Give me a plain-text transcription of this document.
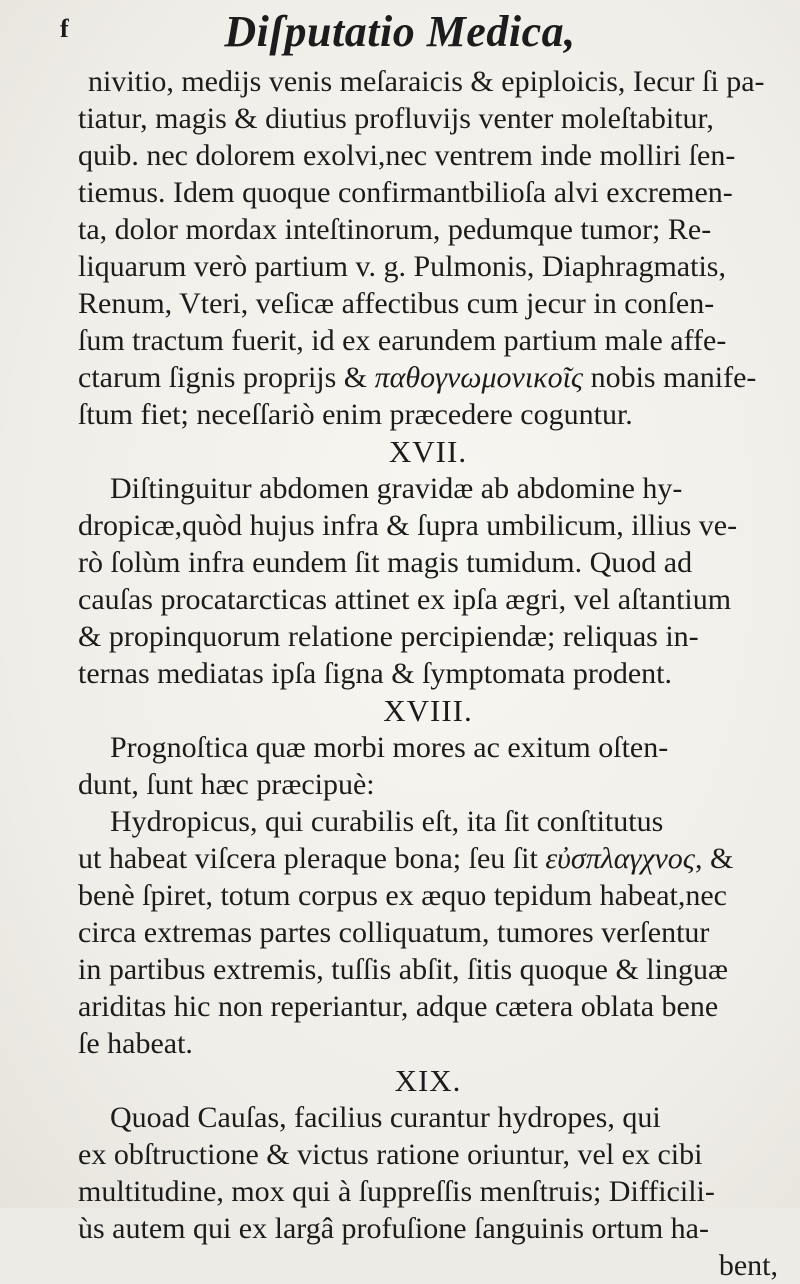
f	Diſputatio Medica,
nivitio, medijs venis meſaraicis & epiploicis, Iecur ſi pa-
tiatur, magis & diutius profluvijs venter moleſtabitur,
quib. nec dolorem exolvi,nec ventrem inde molliri ſen-
tiemus. Idem quoque confirmantbilioſa alvi excremen-
ta, dolor mordax inteſtinorum, pedumque tumor; Re-
liquarum verò partium v. g. Pulmonis, Diaphragmatis,
Renum, Vteri, veſicæ affectibus cum jecur in conſen-
ſum tractum fuerit, id ex earundem partium male affe-
ctarum ſignis proprijs & παθογνωμονικοῖς nobis manife-
ſtum fiet; neceſſariò enim præcedere coguntur.
XVII.
Diſtinguitur abdomen gravidæ ab abdomine hy-
dropicæ,quòd hujus infra & ſupra umbilicum, illius ve-
rò ſolùm infra eundem ſit magis tumidum. Quod ad
cauſas procatarcticas attinet ex ipſa ægri, vel aſtantium
& propinquorum relatione percipiendæ; reliquas in-
ternas mediatas ipſa ſigna & ſymptomata prodent.
XVIII.
Prognoſtica quæ morbi mores ac exitum oſten-
dunt, ſunt hæc præcipuè:
Hydropicus, qui curabilis eſt, ita ſit conſtitutus
ut habeat viſcera pleraque bona; ſeu ſit εὐσπλαγχνος, &
benè ſpiret, totum corpus ex æquo tepidum habeat,nec
circa extremas partes colliquatum, tumores verſentur
in partibus extremis, tuſſis abſit, ſitis quoque & linguæ
ariditas hic non reperiantur, adque cætera oblata bene
ſe habeat.
XIX.
Quoad Cauſas, facilius curantur hydropes, qui
ex obſtructione & victus ratione oriuntur, vel ex cibi
multitudine, mox qui à ſuppreſſis menſtruis; Difficili-
ùs autem qui ex largâ profuſione ſanguinis ortum ha-
bent,
